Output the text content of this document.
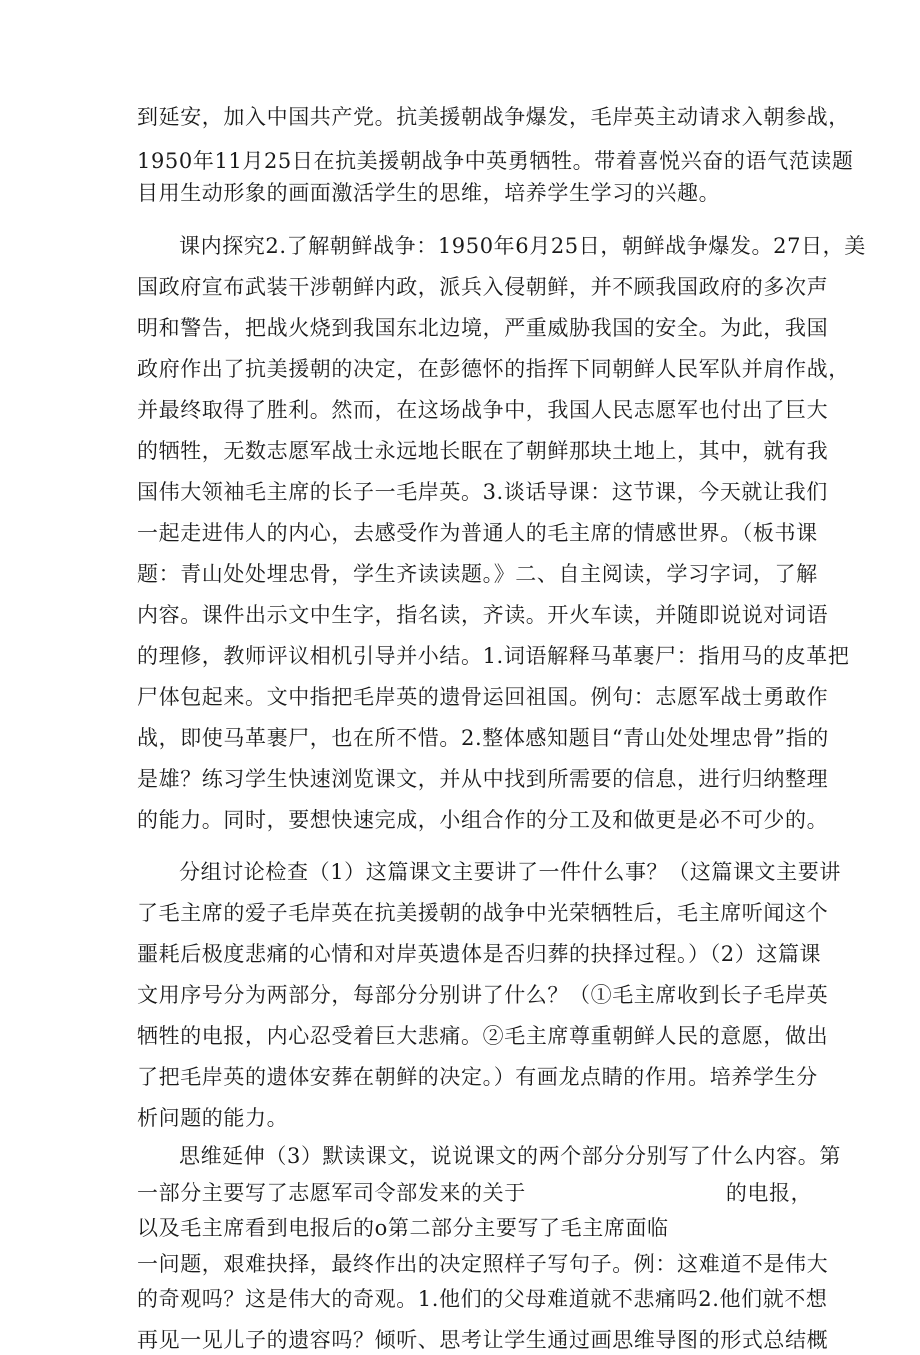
到延安，加入中国共产党。抗美援朝战争爆发，毛岸英主动请求入朝参战，
1950年11月25日在抗美援朝战争中英勇牺牲。带着喜悦兴奋的语气范读题
目用生动形象的画面激活学生的思维，培养学生学习的兴趣。
课内探究2.了解朝鲜战争：1950年6月25日，朝鲜战争爆发。27日，美
国政府宣布武装干涉朝鲜内政，派兵入侵朝鲜，并不顾我国政府的多次声
明和警告，把战火烧到我国东北边境，严重威胁我国的安全。为此，我国
政府作出了抗美援朝的决定，在彭德怀的指挥下同朝鲜人民军队并肩作战，
并最终取得了胜利。然而，在这场战争中，我国人民志愿军也付出了巨大
的牺牲，无数志愿军战士永远地长眠在了朝鲜那块土地上，其中，就有我
国伟大领袖毛主席的长子一毛岸英。3.谈话导课：这节课，今天就让我们
一起走进伟人的内心，去感受作为普通人的毛主席的情感世界。（板书课
题：青山处处埋忠骨，学生齐读读题。》二、自主阅读，学习字词，了解
内容。课件出示文中生字，指名读，齐读。开火车读，并随即说说对词语
的理修，教师评议相机引导并小结。1.词语解释马革裹尸：指用马的皮革把
尸体包起来。文中指把毛岸英的遗骨运回祖国。例句：志愿军战士勇敢作
战，即使马革裹尸，也在所不惜。2.整体感知题目“青山处处埋忠骨”指的
是雄？练习学生快速浏览课文，并从中找到所需要的信息，进行归纳整理
的能力。同时，要想快速完成，小组合作的分工及和做更是必不可少的。
分组讨论检查（1）这篇课文主要讲了一件什么事？（这篇课文主要讲
了毛主席的爱子毛岸英在抗美援朝的战争中光荣牺牲后，毛主席听闻这个
噩耗后极度悲痛的心情和对岸英遗体是否归葬的抉择过程。）（2）这篇课
文用序号分为两部分，每部分分别讲了什么？（①毛主席收到长子毛岸英
牺牲的电报，内心忍受着巨大悲痛。②毛主席尊重朝鲜人民的意愿，做出
了把毛岸英的遗体安葬在朝鲜的决定。）有画龙点睛的作用。培养学生分
析问题的能力。
思维延伸（3）默读课文，说说课文的两个部分分别写了什么内容。第
一部分主要写了志愿军司令部发来的关于	的电报，
以及毛主席看到电报后的o第二部分主要写了毛主席面临
一问题，艰难抉择，最终作出的决定照样子写句子。例：这难道不是伟大
的奇观吗？这是伟大的奇观。1.他们的父母难道就不悲痛吗2.他们就不想
再见一见儿子的遗容吗？倾听、思考让学生通过画思维导图的形式总结概
